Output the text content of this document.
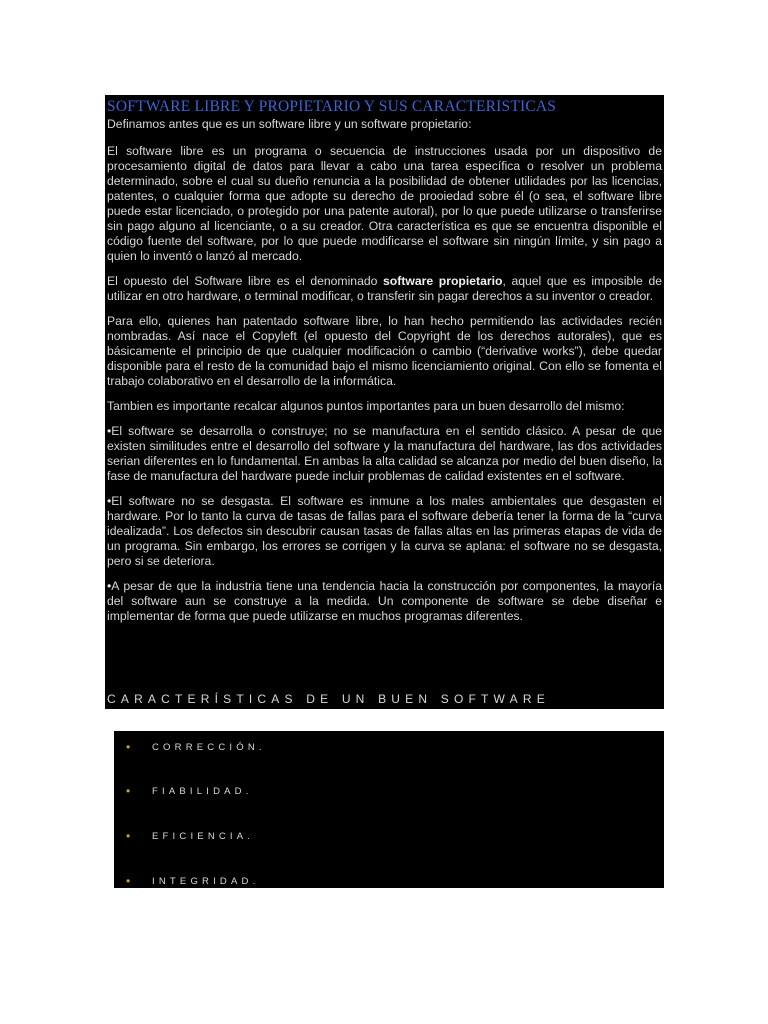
SOFTWARE LIBRE Y PROPIETARIO Y SUS CARACTERISTICAS
Definamos antes que es un software libre y un software propietario:
El software libre es un programa o secuencia de instrucciones usada por un dispositivo de procesamiento digital de datos para llevar a cabo una tarea específica o resolver un problema determinado, sobre el cual su dueño renuncia a la posibilidad de obtener utilidades por las licencias, patentes, o cualquier forma que adopte su derecho de prooiedad sobre él (o sea, el software libre puede estar licenciado, o protegido por una patente autoral), por lo que puede utilizarse o transferirse sin pago alguno al licenciante, o a su creador. Otra característica es que se encuentra disponible el código fuente del software, por lo que puede modificarse el software sin ningún límite, y sin pago a quien lo inventó o lanzó al mercado.
El opuesto del Software libre es el denominado software propietario, aquel que es imposible de utilizar en otro hardware, o terminal modificar, o transferir sin pagar derechos a su inventor o creador.
Para ello, quienes han patentado software libre, lo han hecho permitiendo las actividades recién nombradas. Así nace el Copyleft (el opuesto del Copyright de los derechos autorales), que es básicamente el principio de que cualquier modificación o cambio (“derivative works”), debe quedar disponible para el resto de la comunidad bajo el mismo licenciamiento original. Con ello se fomenta el trabajo colaborativo en el desarrollo de la informática.
Tambien es importante recalcar algunos puntos importantes para un buen desarrollo del mismo:
•El software se desarrolla o construye; no se manufactura en el sentido clásico. A pesar de que existen similitudes entre el desarrollo del software y la manufactura del hardware, las dos actividades serian diferentes en lo fundamental. En ambas la alta calidad se alcanza por medio del buen diseño, la fase de manufactura del hardware puede incluir problemas de calidad existentes en el software.
•El software no se desgasta. El software es inmune a los males ambientales que desgasten el hardware. Por lo tanto la curva de tasas de fallas para el software debería tener la forma de la “curva idealizada”. Los defectos sin descubrir causan tasas de fallas altas en las primeras etapas de vida de un programa. Sin embargo, los errores se corrigen y la curva se aplana: el software no se desgasta, pero si se deteriora.
•A pesar de que la industria tiene una tendencia hacia la construcción por componentes, la mayoría del software aun se construye a la medida. Un componente de software se debe diseñar e implementar de forma que puede utilizarse en muchos programas diferentes.
CARACTERÍSTICAS DE UN BUEN SOFTWARE
•	CORRECCIÓN.
•	FIABILIDAD.
•	EFICIENCIA.
•	INTEGRIDAD.
